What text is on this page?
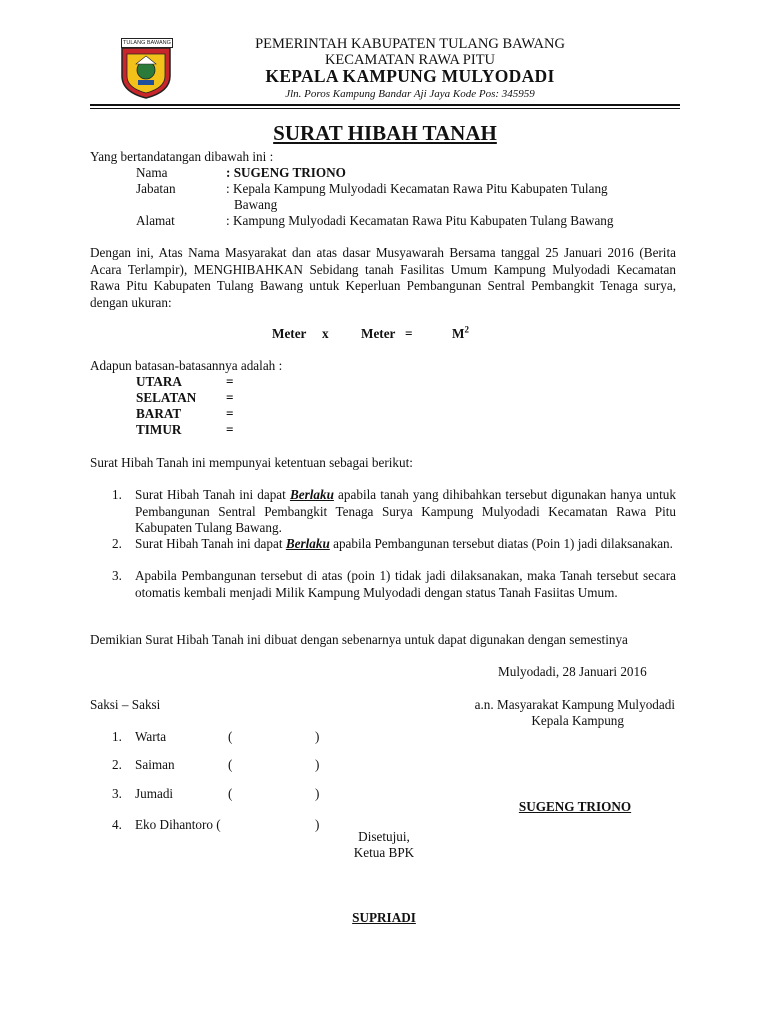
TULANG BAWANG	PEMERINTAH KABUPATEN TULANG BAWANG
KECAMATAN RAWA PITU
KEPALA KAMPUNG MULYODADI
Jln. Poros Kampung Bandar Aji Jaya Kode Pos: 345959
SURAT HIBAH TANAH
Yang bertandatangan dibawah ini :
Nama	: SUGENG TRIONO
Jabatan	: Kepala Kampung Mulyodadi Kecamatan Rawa Pitu Kabupaten Tulang
Bawang
Alamat	: Kampung Mulyodadi Kecamatan Rawa Pitu Kabupaten Tulang Bawang
Dengan ini, Atas Nama Masyarakat dan atas dasar Musyawarah Bersama tanggal 25 Januari 2016 (Berita Acara Terlampir), MENGHIBAHKAN Sebidang tanah Fasilitas Umum Kampung Mulyodadi Kecamatan Rawa Pitu Kabupaten Tulang Bawang untuk Keperluan Pembangunan Sentral Pembangkit Tenaga surya, dengan ukuran:
Meter x Meter =	$M^2$
Adapun batasan-batasannya adalah :
UTARA	=
SELATAN =
BARAT	=
TIMUR	=
Surat Hibah Tanah ini mempunyai ketentuan sebagai berikut:
1. Surat Hibah Tanah ini dapat Berlaku apabila tanah yang dihibahkan tersebut digunakan hanya untuk Pembangunan Sentral Pembangkit Tenaga Surya Kampung Mulyodadi Kecamatan Rawa Pitu Kabupaten Tulang Bawang.
2. Surat Hibah Tanah ini dapat Berlaku apabila Pembangunan tersebut diatas (Poin 1) jadi dilaksanakan.
3. Apabila Pembangunan tersebut di atas (poin 1) tidak jadi dilaksanakan, maka Tanah tersebut secara otomatis kembali menjadi Milik Kampung Mulyodadi dengan status Tanah Fasiitas Umum.
Demikian Surat Hibah Tanah ini dibuat dengan sebenarnya untuk dapat digunakan dengan semestinya
Mulyodadi, 28 Januari 2016
Saksi – Saksi
1. Warta	(	)
2. Saiman	(	)
3. Jumadi	(	)
4. Eko Dihantoro (	)
a.n. Masyarakat Kampung Mulyodadi
Kepala Kampung
SUGENG TRIONO
Disetujui,
Ketua BPK
SUPRIADI
